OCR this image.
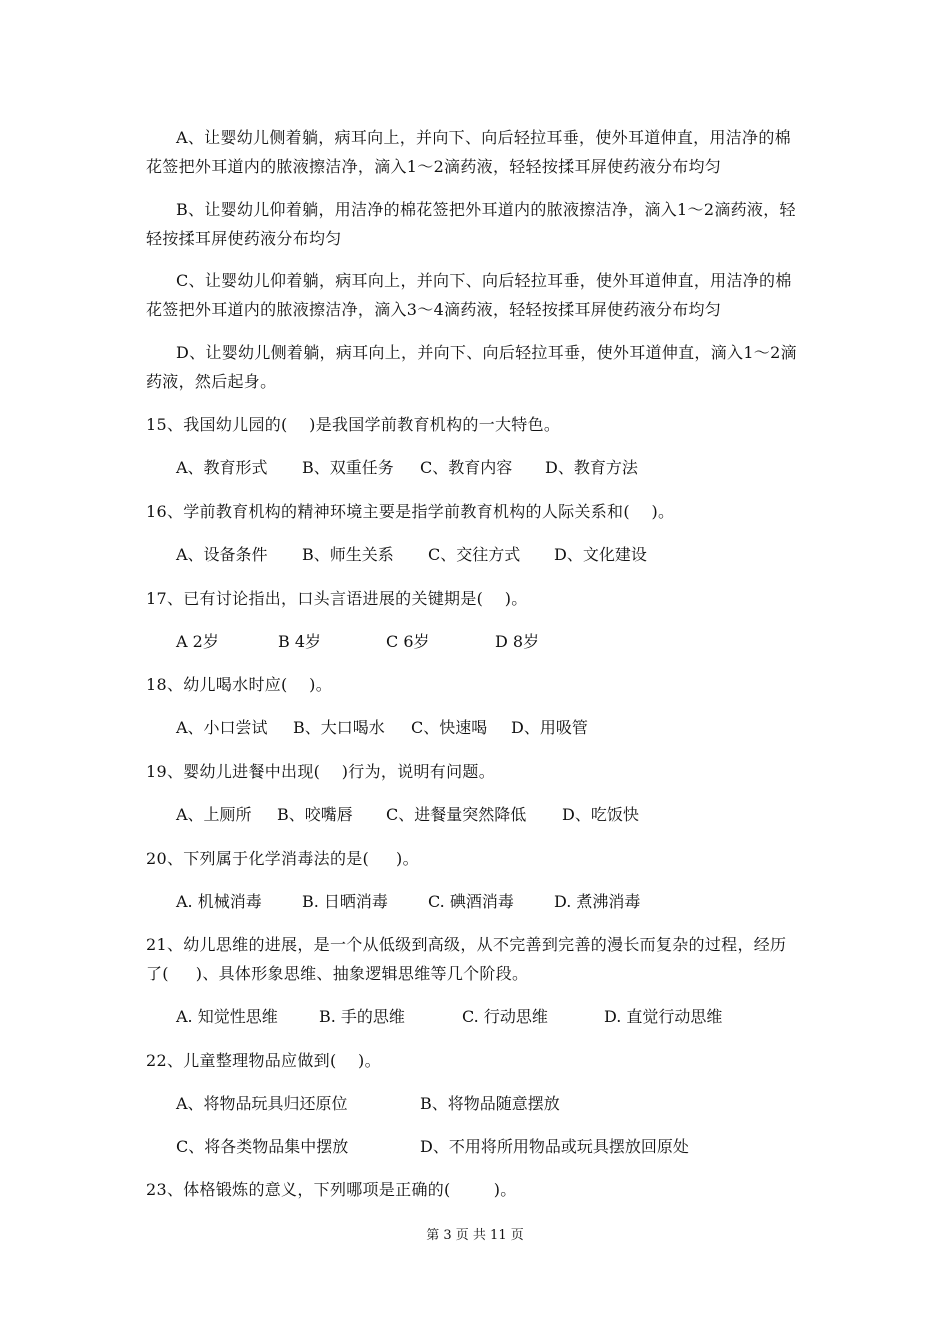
A、让婴幼儿侧着躺，病耳向上，并向下、向后轻拉耳垂，使外耳道伸直，用洁净的棉
花签把外耳道内的脓液擦洁净，滴入1～2滴药液，轻轻按揉耳屏使药液分布均匀
B、让婴幼儿仰着躺，用洁净的棉花签把外耳道内的脓液擦洁净，滴入1～2滴药液，轻
轻按揉耳屏使药液分布均匀
C、让婴幼儿仰着躺，病耳向上，并向下、向后轻拉耳垂，使外耳道伸直，用洁净的棉
花签把外耳道内的脓液擦洁净，滴入3～4滴药液，轻轻按揉耳屏使药液分布均匀
D、让婴幼儿侧着躺，病耳向上，并向下、向后轻拉耳垂，使外耳道伸直，滴入1～2滴
药液，然后起身。
15、我国幼儿园的(    )是我国学前教育机构的一大特色。

A、教育形式

B、双重任务

C、教育内容

D、教育方法

16、学前教育机构的精神环境主要是指学前教育机构的人际关系和(    )。

A、设备条件

B、师生关系

C、交往方式

D、文化建设

17、已有讨论指出，口头言语进展的关键期是(    )。

A 2岁

	B 4岁

	C 6岁

	D 8岁

18、幼儿喝水时应(    )。

A、小口尝试

B、大口喝水

C、快速喝

D、用吸管

19、婴幼儿进餐中出现(    )行为，说明有问题。

A、上厕所

B、咬嘴唇

C、进餐量突然降低

D、吃饭快

20、下列属于化学消毒法的是(     )。

A. 机械消毒

	B. 日晒消毒

	C. 碘酒消毒

	D. 煮沸消毒

21、幼儿思维的进展，是一个从低级到高级，从不完善到完善的漫长而复杂的过程，经历
了(     )、具体形象思维、抽象逻辑思维等几个阶段。

A. 知觉性思维

	B. 手的思维

	C. 行动思维

	D. 直觉行动思维

22、儿童整理物品应做到(    )。

A、将物品玩具归还原位

	B、将物品随意摆放

C、将各类物品集中摆放

	D、不用将所用物品或玩具摆放回原处

23、体格锻炼的意义，下列哪项是正确的(        )。
第 3 页 共 11 页
